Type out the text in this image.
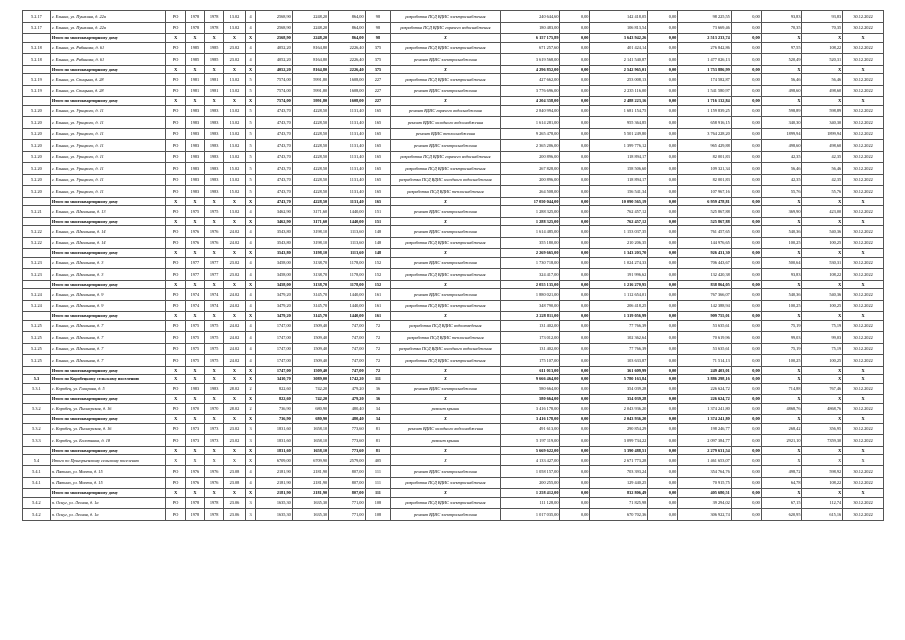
5.2.17	г. Ельник, ул. Пушкина, д. 22а	РО	1978	1978	13.02	4	2568,90	2248,20	864,00	98	разработка ПСД ВДИС электроснабжения	240 644,60	0,00	142 418,05	0,00	98 225,55	0,00	93,83	93,83	30.12.2022
5.2.17	г. Ельник, ул. Пушкина, д. 22а	РО	1978	1978	13.02	4	2568,90	2248,20	864,00	98	разработка ПСД ВДИС горячего водоснабжения	180 483,00	0,00	106 813,54	0,00	73 669,46	0,00	70,35	70,35	30.12.2022
	Итого по многоквартирному дому	X	X	X	X	X	2568,90	2248,20	864,00	98	X	6 157 175,89	0,00	3 643 942,26	0,00	2 513 233,74	0,00	X	X	X
5.2.18	г. Ельник, ул. Рябинова, д. 61	РО	1985	1985	23.02	4	4052,20	8164,80	2226,40	375	разработка ПСД ВДИС электроснабжения	671 257,60	0,00	401 424,14	0,00	276 842,86	0,00	97,55	108,22	30.12.2022
5.2.18	г. Ельник, ул. Рябинова, д. 61	РО	1985	1985	23.02	4	4052,20	8164,80	2226,40	375	ремонт ВДИС электроснабжения	3 619 568,00	0,00	2 141 540,87	0,00	1 477 026,13	0,00	520,49	520,31	30.12.2022
	Итого по многоквартирному дому	X	X	X	X	X	4052,20	8164,80	2226,40	375	X	4 296 852,00	0,00	2 542 965,01	0,00	1 753 886,99	0,00	X	X	X
5.2.19	г. Ельник, ул. Спицына, д. 28	РО	1981	1981	13.02	5	7574,00	5991,80	1608,00	227	разработка ПСД ВДИС электроснабжения	427 662,00	0,00	253 008,13	0,00	174 582,87	0,00	56,46	56,46	30.12.2022
5.2.19	г. Ельник, ул. Спицына, д. 28	РО	1981	1981	13.02	5	7574,00	5991,80	1608,00	227	ремонт ВДИС электроснабжения	3 776 696,00	0,00	2 235 116,00	0,00	1 541 580,97	0,00	498,60	498,60	30.12.2022
	Итого по многоквартирному дому	X	X	X	X	X	7574,00	5991,80	1608,00	227	X	4 204 358,00	0,00	2 488 223,16	0,00	1 716 132,84	0,00	X	X	X
5.2.20	г. Ельник, ул. Урицкого, д. 11	РО	1983	1983	13.02	5	4743,70	4228,50	1131,40	165	ремонт ВДИС горячего водоснабжения	2 840 994,00	0,00	1 681 154,75	0,00	1 159 839,25	0,00	598,89	598,89	30.12.2022
5.2.20	г. Ельник, ул. Урицкого, д. 11	РО	1983	1983	13.02	5	4743,70	4228,50	1131,40	165	ремонт ВДИС холодного водоснабжения	1 614 281,00	0,00	955 364,85	0,00	658 916,15	0,00	340,30	340,30	30.12.2022
5.2.20	г. Ельник, ул. Урицкого, д. 11	РО	1983	1983	13.02	5	4743,70	4228,50	1131,40	165	ремонт ВДИС теплоснабжения	9 265 478,00	0,00	5 501 249,80	0,00	3 764 228,20	0,00	1899,94	1899,94	30.12.2022
5.2.20	г. Ельник, ул. Урицкого, д. 11	РО	1983	1983	13.02	5	4743,70	4228,50	1131,40	165	ремонт ВДИС электроснабжения	2 365 206,00	0,00	1 399 776,12	0,00	965 429,88	0,00	498,60	498,60	30.12.2022
5.2.20	г. Ельник, ул. Урицкого, д. 11	РО	1983	1983	13.02	5	4743,70	4228,50	1131,40	165	разработка ПСД ВДИС горячего водоснабжения	200 896,00	0,00	118 894,17	0,00	82 001,83	0,00	42,35	42,35	30.12.2022
5.2.20	г. Ельник, ул. Урицкого, д. 11	РО	1983	1983	15.02	5	4743,70	4228,50	1131,40	165	разработка ПСД ВДИС электроснабжения	267 828,00	0,00	158 506,60	0,00	109 321,34	0,00	56,46	56,46	30.12.2022
5.2.20	г. Ельник, ул. Урицкого, д. 11	РО	1983	1983	13.02	5	4743,70	4228,50	1131,40	165	разработка ПСД ВДИС холодного водоснабжения	200 896,00	0,00	118 894,17	0,00	82 001,83	0,00	42,35	42,35	30.12.2022
5.2.20	г. Ельник, ул. Урицкого, д. 11	РО	1983	1983	15.02	5	4743,70	4228,50	1131,40	165	разработка ПСД ВДИС теплоснабжения	264 508,00	0,00	156 541,34	0,00	107 967,16	0,00	55,76	55,76	30.12.2022
	Итого по многоквартирному дому	X	X	X	X	X	4743,70	4228,50	1131,40	165	X	17 050 044,00	0,00	10 090 565,19	0,00	6 959 478,81	0,00	X	X	X
5.2.21	г. Ельник, ул. Школьная, д. 13	РО	1975	1975	13.02	4	3462,90	3171,60	1440,00	151	ремонт ВДИС электроснабжения	1 288 325,00	0,00	762 457,12	0,00	525 867,88	0,00	369,90	423,00	30.12.2022
	Итого по многоквартирному дому	X	X	X	X	X	3462,90	3171,60	1440,00	151	X	1 288 325,00	0,00	762 457,12	0,00	525 867,88	0,00	X	X	X
5.2.22	г. Ельник, ул. Школьная, д. 14	РО	1976	1976	24.02	4	3543,80	3198,10	1113,60	148	ремонт ВДИС электроснабжения	1 614 485,00	0,00	1 153 037,35	0,00	761 457,65	0,00	540,36	540,36	30.12.2022
5.2.22	г. Ельник, ул. Школьная, д. 14	РО	1976	1976	24.02	4	3543,80	3198,10	1113,60	148	разработка ПСД ВДИС электроснабжения	355 180,00	0,00	210 206,35	0,00	144 976,65	0,00	100,25	100,25	30.12.2022
	Итого по многоквартирному дому	X	X	X	X	X	3543,80	3198,10	1113,60	148	X	2 269 665,00	0,00	1 343 203,70	0,00	926 431,30	0,00	X	X	X
5.2.23	г. Ельник, ул. Школьная, д. 3	РО	1977	1977	23.02	4	3458,00	3138,70	1178,00	152	ремонт ВДИС электроснабжения	1 730 718,00	0,00	1 024 274,33	0,00	706 443,67	0,00	500,64	530,31	30.12.2022
5.2.23	г. Ельник, ул. Школьная, д. 3	РО	1977	1977	23.02	4	3458,00	3138,70	1178,00	152	разработка ПСД ВДИС электроснабжения	324 417,00	0,00	191 996,62	0,00	132 420,38	0,00	93,83	108,22	30.12.2022
	Итого по многоквартирному дому	X	X	X	X	X	3458,00	3138,70	1178,00	152	X	2 055 135,00	0,00	1 216 270,95	0,00	838 864,05	0,00	X	X	X
5.2.24	г. Ельник, ул. Школьная, д. 9	РО	1974	1974	24.02	4	3479,20	3145,70	1440,00	161	ремонт ВДИС электроснабжения	1 880 021,00	0,00	1 112 654,01	0,00	767 366,07	0,00	540,36	540,36	30.12.2022
5.2.24	г. Ельник, ул. Школьная, д. 9	РО	1974	1974	24.02	4	3479,20	3145,70	1440,00	161	разработка ПСД ВДИС электроснабжения	348 790,00	0,00	206 418,25	0,00	142 388,94	0,00	100,25	100,25	30.12.2022
	Итого по многоквартирному дому	X	X	X	X	X	3479,20	3145,70	1440,00	161	X	2 228 811,00	0,00	1 319 056,99	0,00	909 755,01	0,00	X	X	X
5.2.25	г. Ельник, ул. Школьная, д. 7	РО	1975	1975	24.02	4	1747,00	1509,40	747,00	72	разработка ПСД ВДИС водоотведения	131 402,00	0,00	77 766,39	0,00	53 635,61	0,00	75,19	75,19	30.12.2022
5.2.25	г. Ельник, ул. Школьная, д. 7	РО	1975	1975	24.02	4	1747,00	1509,40	747,00	72	разработка ПСД ВДИС теплоснабжения	173 012,00	0,00	102 362,64	0,00	70 619,96	0,00	99,03	99,03	30.12.2022
5.2.25	г. Ельник, ул. Школьная, д. 7	РО	1975	1975	24.02	4	1747,00	1509,40	747,00	72	разработка ПСД ВДИС холодного водоснабжения	131 402,00	0,00	77 766,39	0,00	53 635,61	0,00	75,19	75,19	30.12.2022
5.2.25	г. Ельник, ул. Школьная, д. 7	РО	1975	1975	24.02	4	1747,00	1509,40	747,00	72	разработка ПСД ВДИС электроснабжения	175 107,00	0,00	103 633,87	0,00	71 514,13	0,00	100,25	100,25	30.12.2022
	Итого по многоквартирному дому	X	X	X	X	X	1747,00	1509,40	747,00	72	X	611 013,00	0,00	361 609,99	0,00	249 403,01	0,00	X	X	X
5.3	Итого по Коробецкому сельскому поселению	X	X	X	X	X	3410,70	3089,00	1742,20	111	X	9 666 464,00	0,00	5 780 163,84	0,00	3 886 298,16	0,00	X	X	X
5.3.1	с. Коробец, ул. Гагарина, д. 5	РО	1983	1983	28.02	2	822,60	742,20	479,20	36	ремонт ВДИС электроснабжения	580 664,00	0,00	354 039,28	0,00	226 624,72	0,00	714,88	767,46	30.12.2022
	Итого по многоквартирному дому	X	X	X	X	X	822,60	742,20	479,20	36	X	580 664,00	0,00	354 039,28	0,00	226 624,72	0,00	X	X	X
5.3.2	с. Коробец, ул. Пионерская, д. 16	РО	1970	1970	28.02	2	736,90	680,90	480,40	34	ремонт крыши	3 416 178,00	0,00	2 043 936,20	0,00	1 374 241,80	0,00	4868,76	4868,76	30.12.2022
	Итого по многоквартирному дому	X	X	X	X	X	736,90	680,90	480,40	34	X	3 416 178,00	0,00	2 043 936,20	0,00	1 374 241,80	0,00	X	X	X
5.3.2	с. Коробец, ул. Пионерская, д. 16	РО	1973	1973	23.02	3	1831,60	1658,10	773,60	81	ремонт ВДИС холодного водоснабжения	491 613,00	0,00	290 854,29	0,00	198 246,77	0,00	268,42	356,95	30.12.2022
5.3.3	с. Коробец, ул. Болотника, д. 18	РО	1973	1973	23.02	3	1831,60	1658,10	773,60	81	ремонт крыши	5 197 119,00	0,00	3 099 734,22	0,00	2 097 384,77	0,00	2921,10	7359,30	30.12.2022
	Итого по многоквартирному дому	X	X	X	X	X	1831,60	1658,10	773,60	81	X	5 669 622,00	0,00	3 390 488,51	0,00	2 279 631,54	0,00	X	X	X
5.4	Итого по Пригорьевскому сельскому поселению	X	X	X	X	X	6709,00	6709,90	2579,00	405	X	4 133 427,00	0,00	2 671 773,28	0,00	1 461 653,07	0,00	X	X	X
5.4.1	п. Пятино, ул. Мопта, д. 15	РО	1976	1976	23.08	4	2181,90	2181,90	807,00	111	ремонт ВДИС электроснабжения	1 058 157,00	0,00	703 393,24	0,00	354 764,76	0,00	498,72	598,92	30.12.2022
5.4.1	п. Пятино, ул. Мопта, д. 15	РО	1976	1976	23.08	4	2181,90	2181,90	807,00	111	разработка ПСД ВДИС электроснабжения	200 255,00	0,00	129 440,25	0,00	70 915,75	0,00	64,78	108,22	30.12.2022
	Итого по многоквартирному дому	X	X	X	X	X	2181,90	2181,90	807,00	111	X	1 258 412,00	0,00	832 806,49	0,00	405 680,51	0,00	X	X	X
5.4.2	п. Оснуг, ул. Лесная, д. 1а	РО	1978	1978	23.06	3	1635,30	1635,30	771,00	108	разработка ПСД ВДИС электроснабжения	111 128,00	0,00	71 825,98	0,00	39 294,02	0,00	67,15	112,74	30.12.2022
5.4.2	п. Оснуг, ул. Лесная, д. 1а	РО	1978	1978	23.06	3	1635,30	1635,30	771,00	108	ремонт ВДИС электроснабжения	1 017 035,00	0,00	670 702,36	0,00	306 922,74	0,00	620,95	615,16	30.12.2022
